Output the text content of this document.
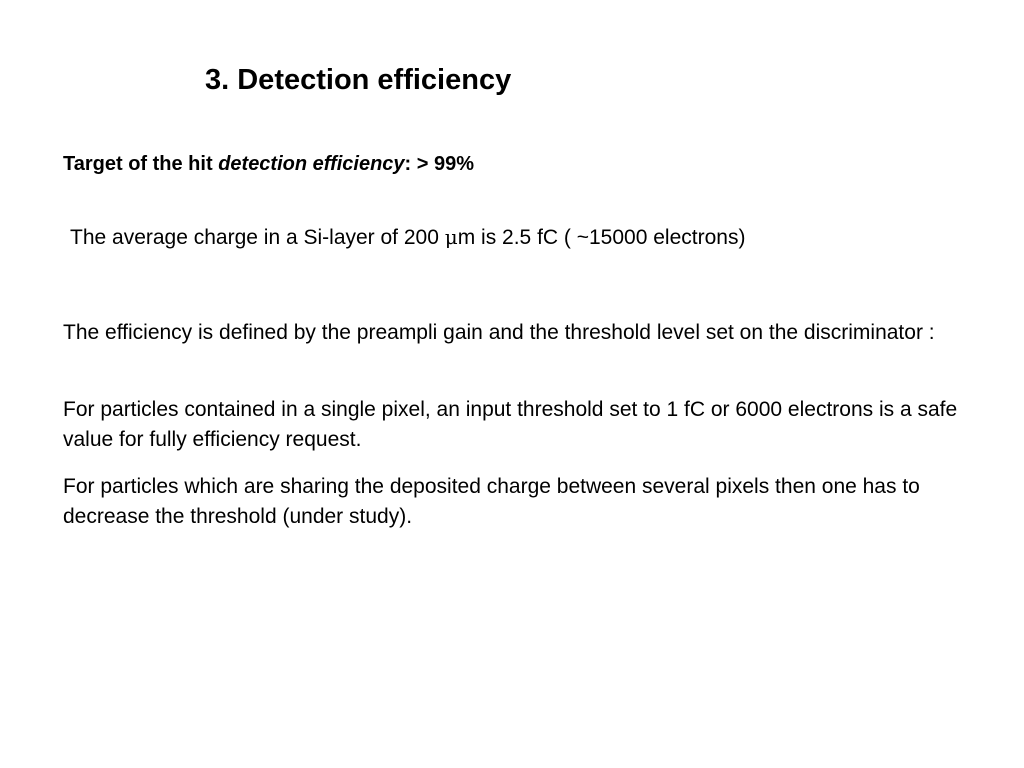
3. Detection efficiency
Target of the hit detection efficiency: > 99%
The average charge in a Si-layer of 200 μm is 2.5 fC ( ~15000 electrons)
The efficiency is defined by the preampli gain and the threshold level set on the discriminator :
For particles contained in a single pixel, an input threshold set to 1 fC or 6000 electrons is a safe value for fully efficiency request.
For particles which are sharing the deposited charge between several pixels then one has to decrease the threshold (under study).
